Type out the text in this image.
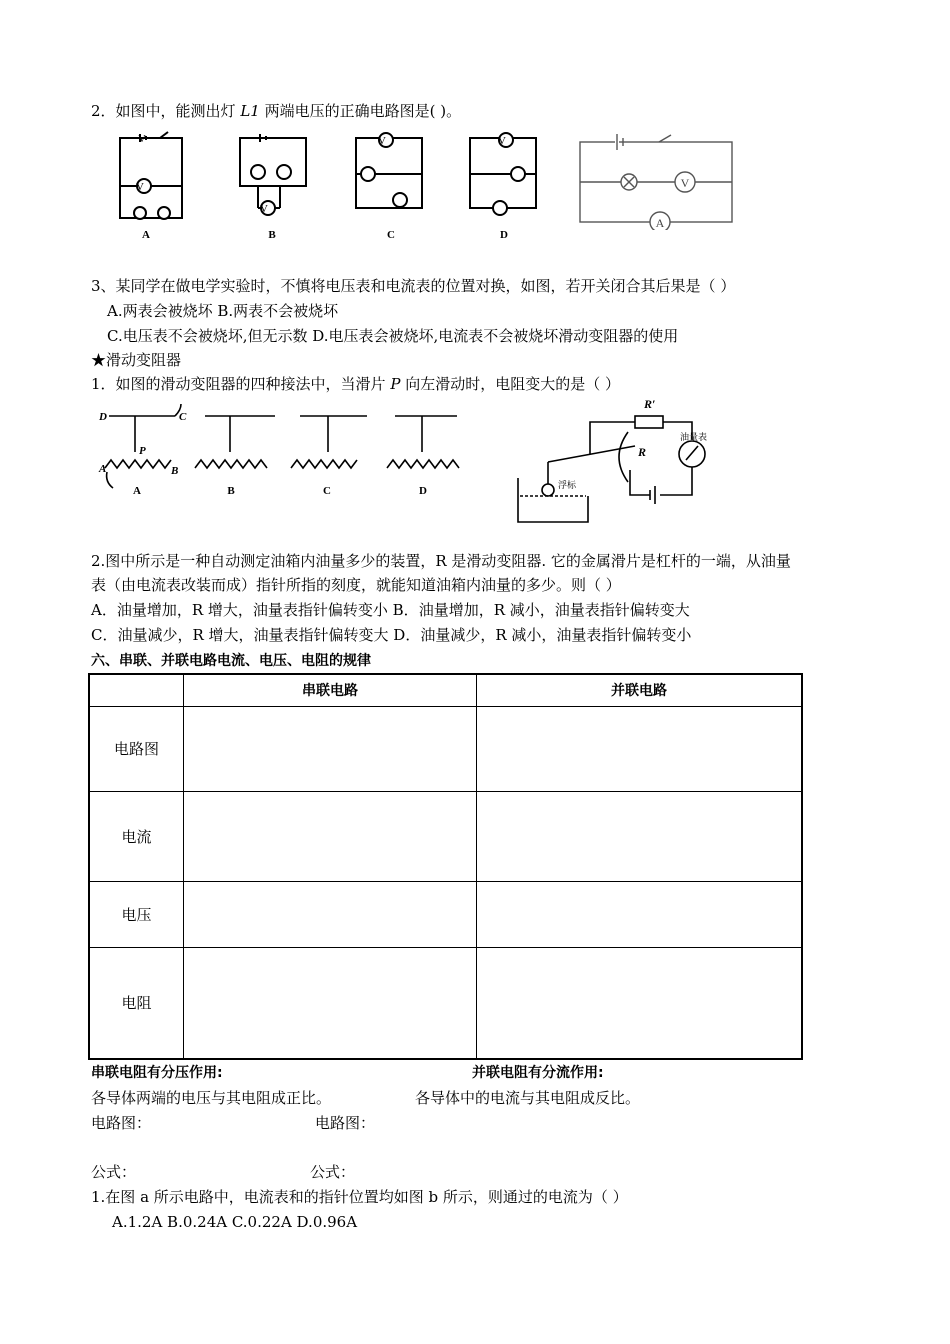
2．如图中，能测出灯 L1 两端电压的正确电路图是( )。
V
V
V
V	V
A	B	C	D
V
A
3、某同学在做电学实验时，不慎将电压表和电流表的位置对换，如图，若开关闭合其后果是（ ）
A.两表会被烧坏 B.两表不会被烧坏
C.电压表不会被烧坏,但无示数 D.电压表会被烧坏,电流表不会被烧坏滑动变阻器的使用
★滑动变阻器
1．如图的滑动变阻器的四种接法中，当滑片 P 向左滑动时，电阻变大的是（ ）
D	C
P
A	B
A	B	C	D
R′
R
油量表
浮标
2.图中所示是一种自动测定油箱内油量多少的装置，R 是滑动变阻器. 它的金属滑片是杠杆的一端，从油量
表（由电流表改装而成）指针所指的刻度，就能知道油箱内油量的多少。则（ ）
A．油量增加，R 增大，油量表指针偏转变小 B．油量增加，R 减小，油量表指针偏转变大
C．油量减少，R 增大，油量表指针偏转变大 D．油量减少，R 减小，油量表指针偏转变小
六、串联、并联电路电流、电压、电阻的规律
	串联电路	并联电路
电路图		
电流		
电压		
电阻		
串联电阻有分压作用:	并联电阻有分流作用:
各导体两端的电压与其电阻成正比。	各导体中的电流与其电阻成反比。
电路图：	电路图：
公式：	公式：
1.在图 a 所示电路中，电流表和的指针位置均如图 b 所示，则通过的电流为（ ）
A.1.2A B.0.24A C.0.22A D.0.96A
